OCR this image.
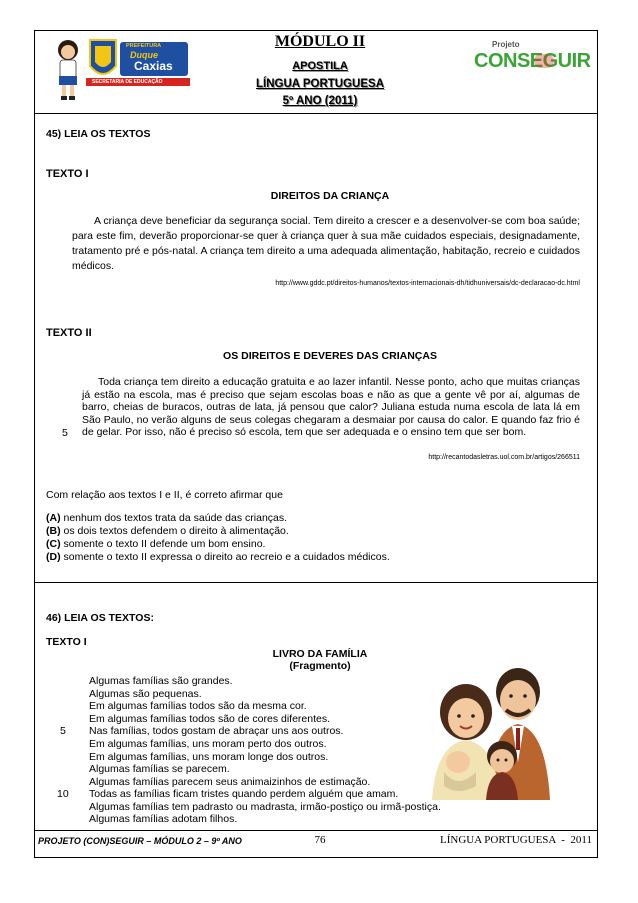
PREFEITURA
Duque
Caxias
SECRETARIA DE EDUCAÇÃO
Projeto
CONSEGUIR
MÓDULO II
APOSTILA
LÍNGUA PORTUGUESA
5º ANO (2011)
45) LEIA OS TEXTOS
TEXTO I
DIREITOS DA CRIANÇA
A criança deve beneficiar da segurança social. Tem direito a crescer e a desenvolver-se com boa saúde; para este fim, deverão proporcionar-se quer à criança quer à sua mãe cuidados especiais, designadamente, tratamento pré e pós-natal. A criança tem direito a uma adequada alimentação, habitação, recreio e cuidados médicos.
http://www.gddc.pt/direitos-humanos/textos-internacionais-dh/tidhuniversais/dc-declaracao-dc.html
TEXTO II
OS DIREITOS E DEVERES DAS CRIANÇAS
Toda criança tem direito a educação gratuita e ao lazer infantil. Nesse ponto, acho que muitas crianças já estão na escola, mas é preciso que sejam escolas boas e não as que a gente vê por aí, algumas de barro, cheias de buracos, outras de lata, já pensou que calor? Juliana estuda numa escola de lata lá em São Paulo, no verão alguns de seus colegas chegaram a desmaiar por causa do calor. E quando faz frio é de gelar. Por isso, não é preciso só escola, tem que ser adequada e o ensino tem que ser bom.
5
http://recantodasletras.uol.com.br/artigos/266511
Com relação aos textos I e II, é correto afirmar que
(A) nenhum dos textos trata da saúde das crianças.
(B) os dois textos defendem o direito à alimentação.
(C) somente o texto II defende um bom ensino.
(D) somente o texto II expressa o direito ao recreio e a cuidados médicos.
46) LEIA OS TEXTOS:
TEXTO I
LIVRO DA FAMÍLIA
(Fragmento)
Algumas famílias são grandes.
Algumas são pequenas.
Em algumas famílias todos são da mesma cor.
Em algumas famílias todos são de cores diferentes.
Nas famílias, todos gostam de abraçar uns aos outros.
Em algumas famílias, uns moram perto dos outros.
Em algumas famílias, uns moram longe dos outros.
Algumas famílias se parecem.
Algumas famílias parecem seus animaizinhos de estimação.
Todas as famílias ficam tristes quando perdem alguém que amam.
Algumas famílias tem padrasto ou madrasta, irmão-postiço ou irmã-postiça.
Algumas famílias adotam filhos.
5
10
PROJETO (CON)SEGUIR – MÓDULO 2 – 9º ANO	76	LÍNGUA PORTUGUESA  -  2011
